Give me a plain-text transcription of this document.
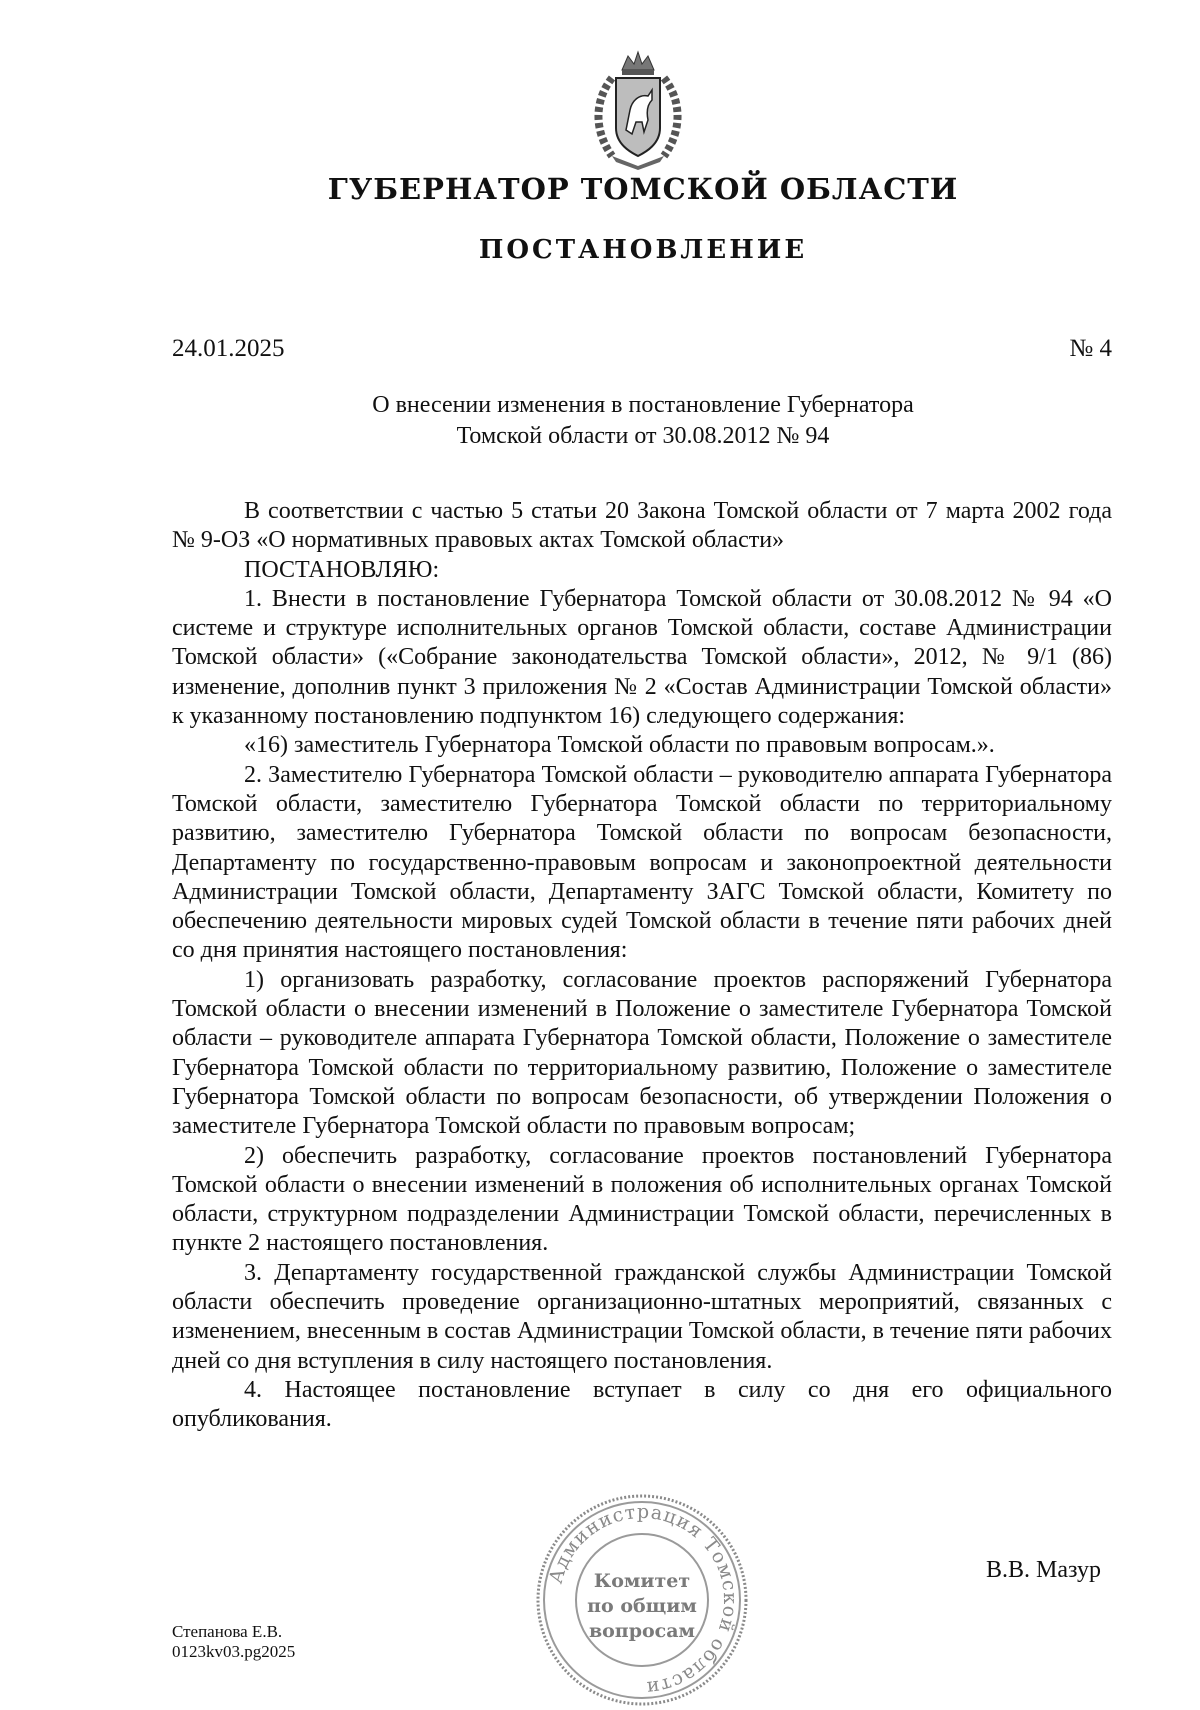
ГУБЕРНАТОР ТОМСКОЙ ОБЛАСТИ
ПОСТАНОВЛЕНИЕ
24.01.2025	№ 4
О внесении изменения в постановление Губернатора
Томской области от 30.08.2012 № 94

В соответствии с частью 5 статьи 20 Закона Томской области от 7 марта 2002 года № 9-ОЗ «О нормативных правовых актах Томской области»

ПОСТАНОВЛЯЮ:

1. Внести в постановление Губернатора Томской области от 30.08.2012 № 94 «О системе и структуре исполнительных органов Томской области, составе Администрации Томской области» («Собрание законодательства Томской области», 2012, № 9/1 (86) изменение, дополнив пункт 3 приложения № 2 «Состав Администрации Томской области» к указанному постановлению подпунктом 16) следующего содержания:

«16) заместитель Губернатора Томской области по правовым вопросам.».

2. Заместителю Губернатора Томской области – руководителю аппарата Губернатора Томской области, заместителю Губернатора Томской области по территориальному развитию, заместителю Губернатора Томской области по вопросам безопасности, Департаменту по государственно-правовым вопросам и законопроектной деятельности Администрации Томской области, Департаменту ЗАГС Томской области, Комитету по обеспечению деятельности мировых судей Томской области в течение пяти рабочих дней со дня принятия настоящего постановления:

1) организовать разработку, согласование проектов распоряжений Губернатора Томской области о внесении изменений в Положение о заместителе Губернатора Томской области – руководителе аппарата Губернатора Томской области, Положение о заместителе Губернатора Томской области по территориальному развитию, Положение о заместителе Губернатора Томской области по вопросам безопасности, об утверждении Положения о заместителе Губернатора Томской области по правовым вопросам;

2) обеспечить разработку, согласование проектов постановлений Губернатора Томской области о внесении изменений в положения об исполнительных органах Томской области, структурном подразделении Администрации Томской области, перечисленных в пункте 2 настоящего постановления.

3. Департаменту государственной гражданской службы Администрации Томской области обеспечить проведение организационно-штатных мероприятий, связанных с изменением, внесенным в состав Администрации Томской области, в течение пяти рабочих дней со дня вступления в силу настоящего постановления.

4. Настоящее постановление вступает в силу со дня его официального опубликования.

Администрация Томской области
Комитет
по общим
вопросам
В.В. Мазур
Степанова Е.В.
0123kv03.pg2025
